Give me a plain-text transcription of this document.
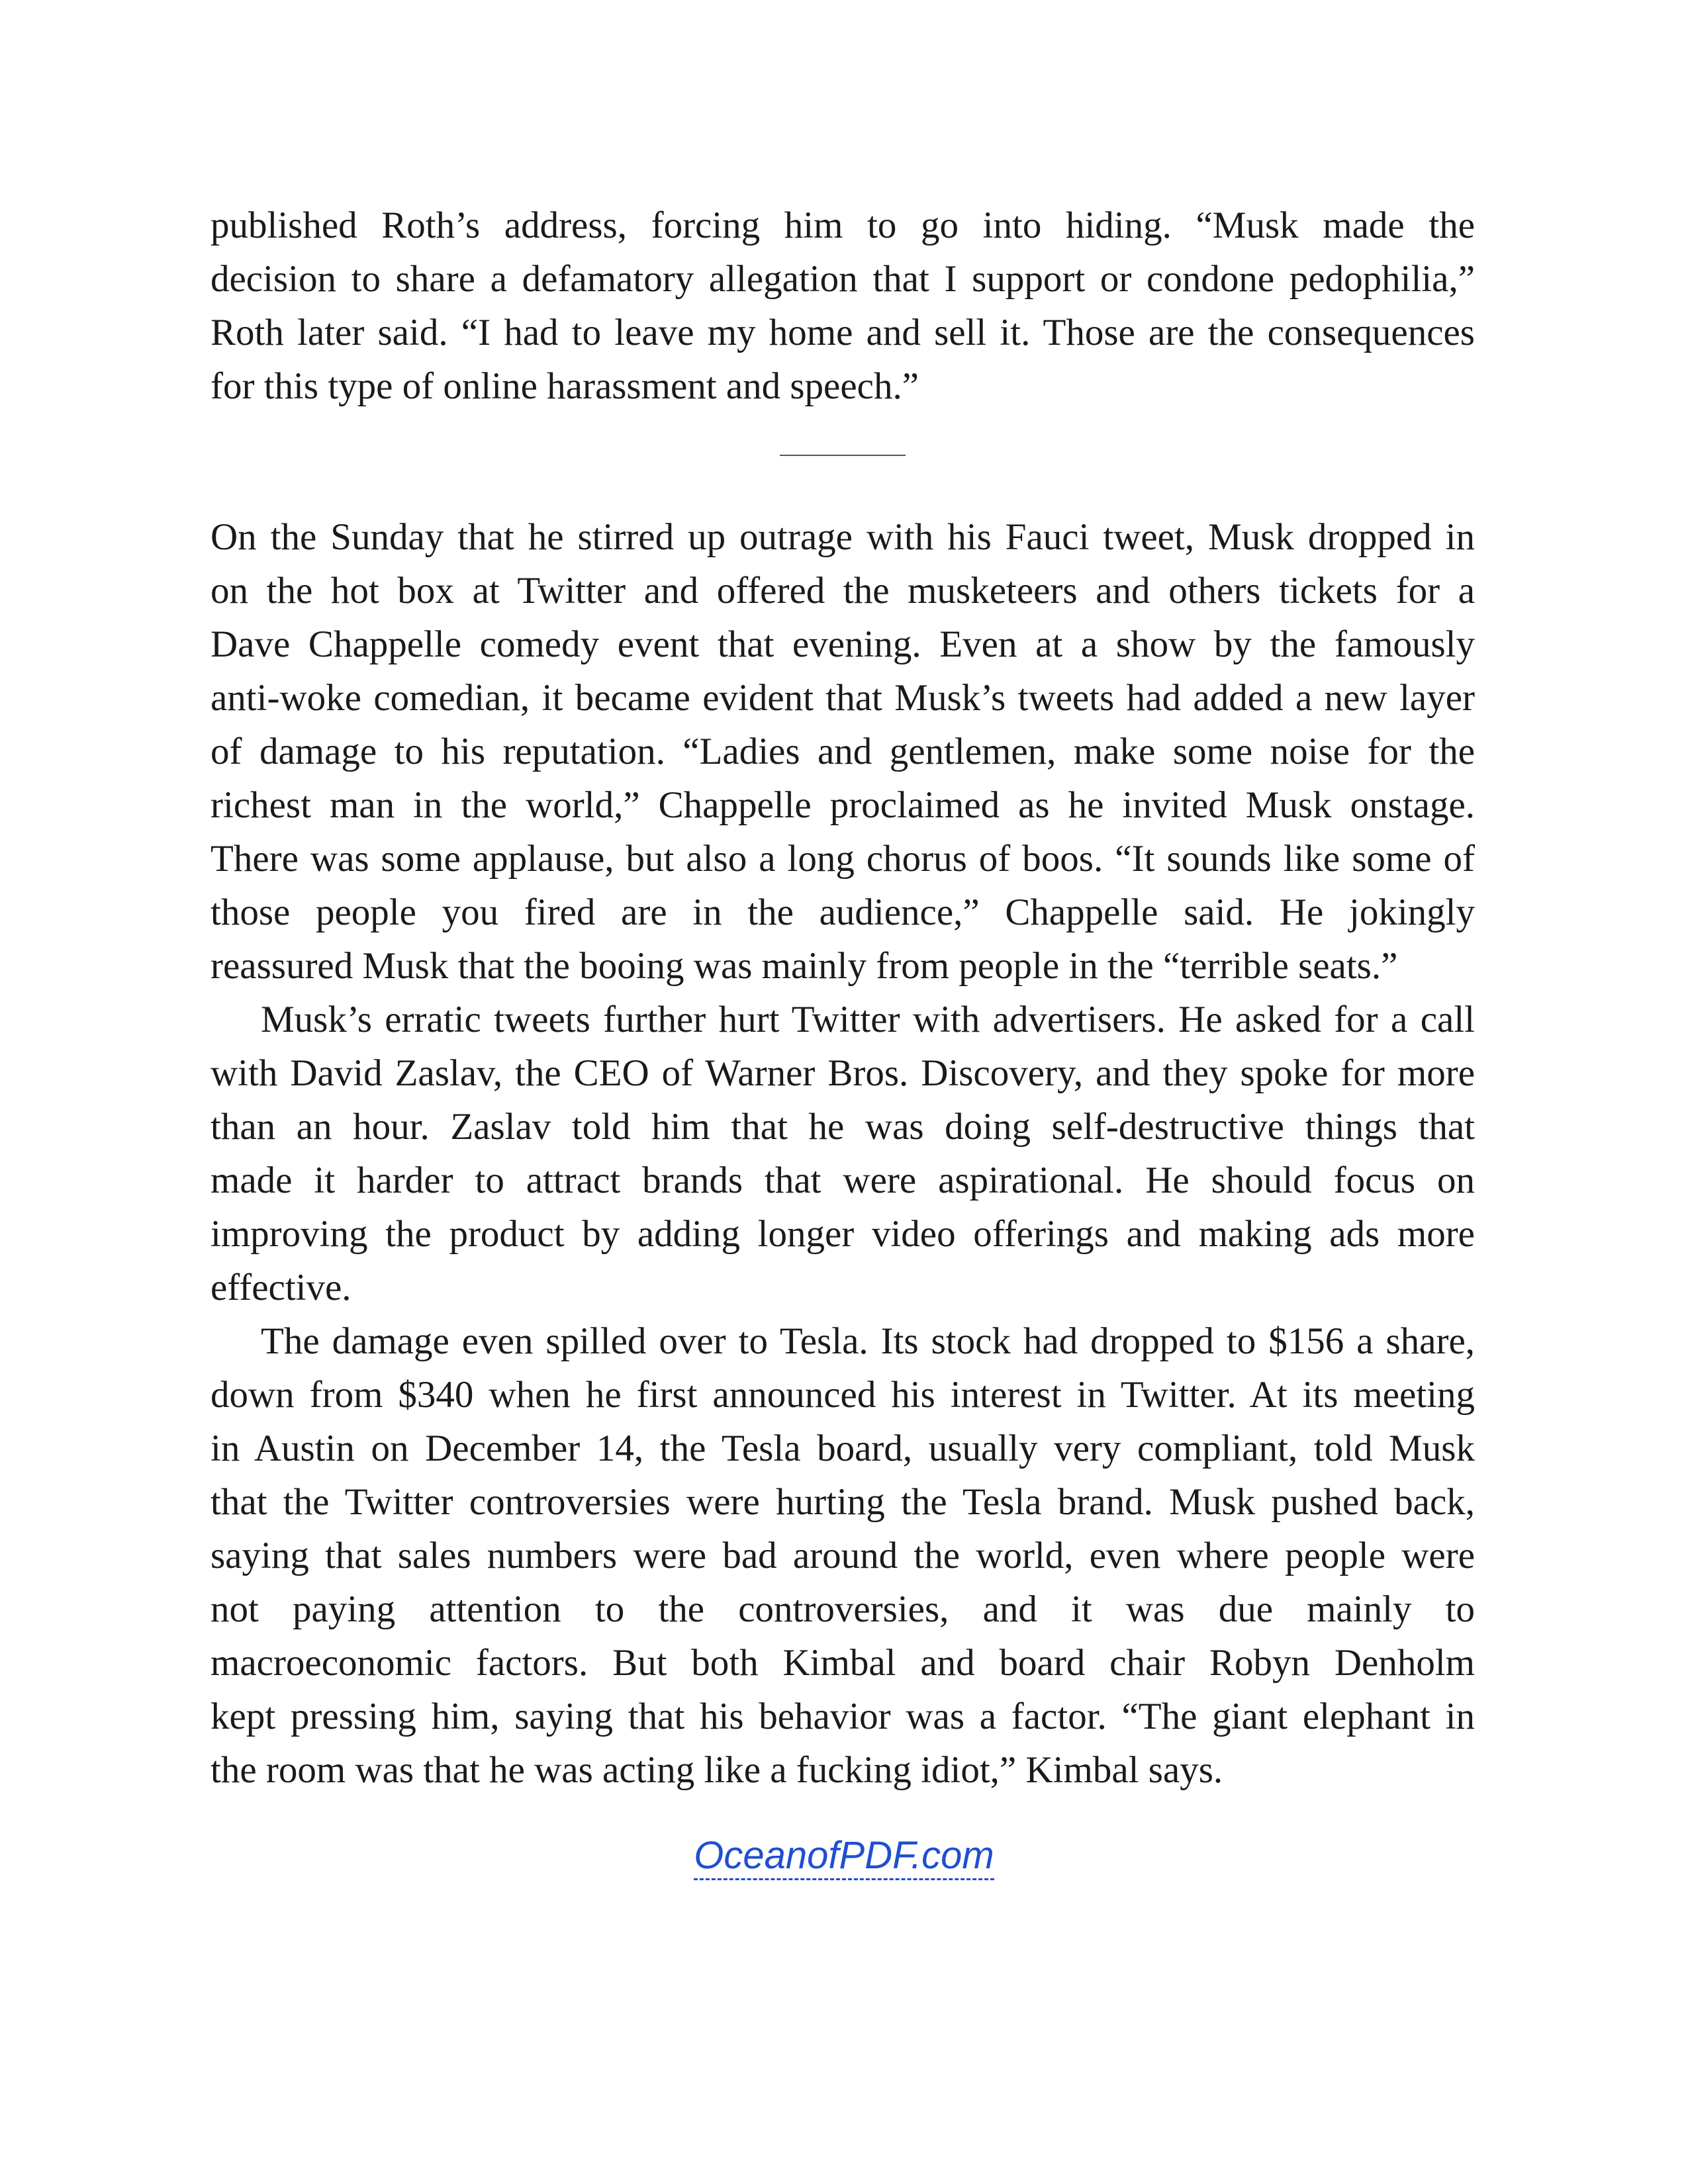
published Roth’s address, forcing him to go into hiding. “Musk made the
decision to share a defamatory allegation that I support or condone pedophilia,”
Roth later said. “I had to leave my home and sell it. Those are the consequences
for this type of online harassment and speech.”
On the Sunday that he stirred up outrage with his Fauci tweet, Musk dropped in
on the hot box at Twitter and offered the musketeers and others tickets for a
Dave Chappelle comedy event that evening. Even at a show by the famously
anti-woke comedian, it became evident that Musk’s tweets had added a new layer
of damage to his reputation. “Ladies and gentlemen, make some noise for the
richest man in the world,” Chappelle proclaimed as he invited Musk onstage.
There was some applause, but also a long chorus of boos. “It sounds like some of
those people you fired are in the audience,” Chappelle said. He jokingly
reassured Musk that the booing was mainly from people in the “terrible seats.”
Musk’s erratic tweets further hurt Twitter with advertisers. He asked for a call
with David Zaslav, the CEO of Warner Bros. Discovery, and they spoke for more
than an hour. Zaslav told him that he was doing self-destructive things that
made it harder to attract brands that were aspirational. He should focus on
improving the product by adding longer video offerings and making ads more
effective.
The damage even spilled over to Tesla. Its stock had dropped to $156 a share,
down from $340 when he first announced his interest in Twitter. At its meeting
in Austin on December 14, the Tesla board, usually very compliant, told Musk
that the Twitter controversies were hurting the Tesla brand. Musk pushed back,
saying that sales numbers were bad around the world, even where people were
not paying attention to the controversies, and it was due mainly to
macroeconomic factors. But both Kimbal and board chair Robyn Denholm
kept pressing him, saying that his behavior was a factor. “The giant elephant in
the room was that he was acting like a fucking idiot,” Kimbal says.
OceanofPDF.com
